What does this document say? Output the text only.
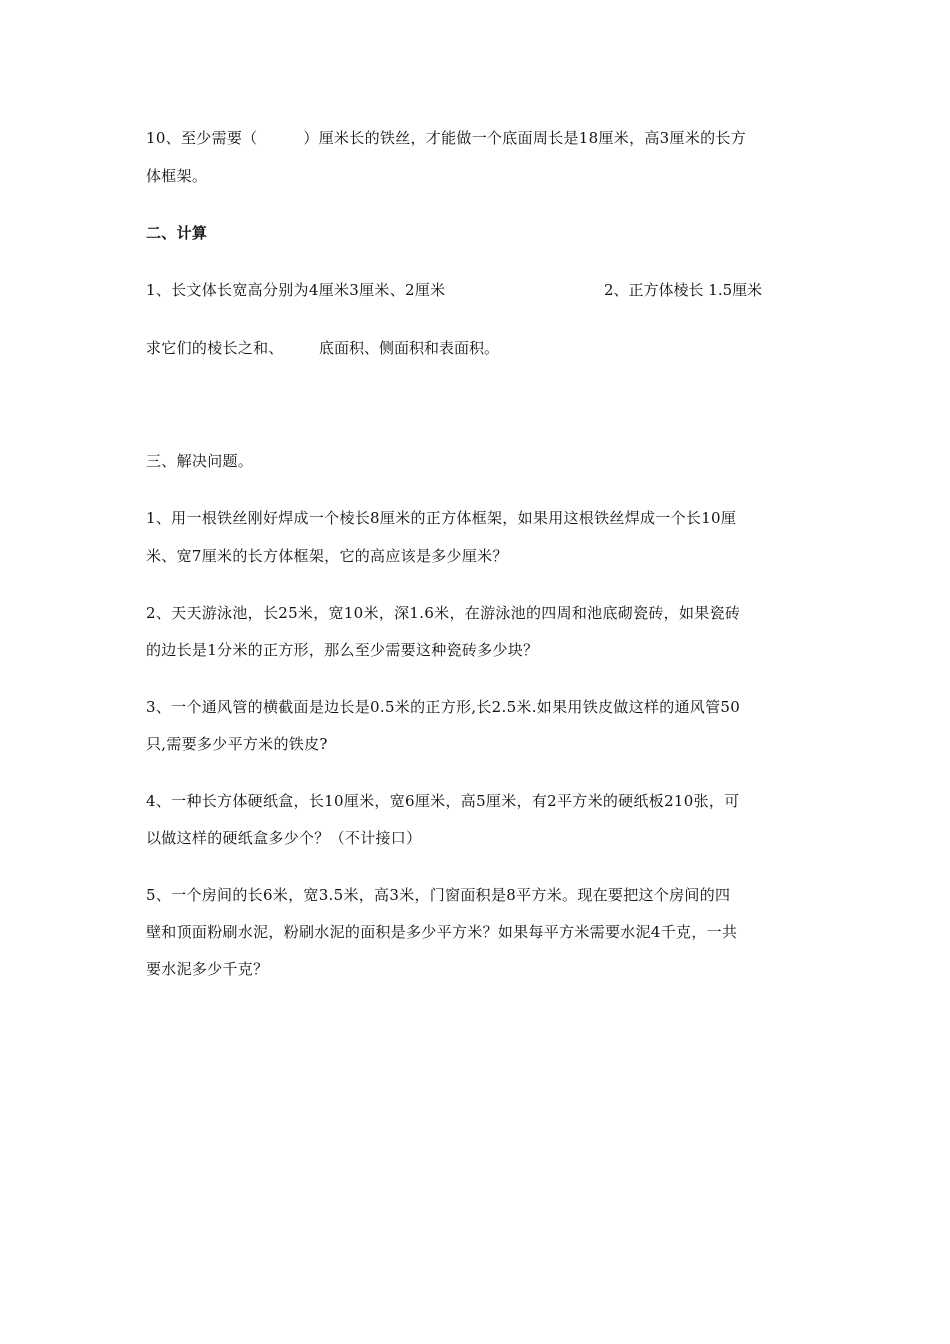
10、至少需要（　　　）厘米长的铁丝，才能做一个底面周长是18厘米，高3厘米的长方
体框架。
二、计算
1、长文体长宽高分别为4厘米3厘米、2厘米	2、正方体棱长 1.5厘米
求它们的棱长之和、 底面积、侧面积和表面积。
三、解决问题。
1、用一根铁丝刚好焊成一个棱长8厘米的正方体框架，如果用这根铁丝焊成一个长10厘
米、宽7厘米的长方体框架，它的高应该是多少厘米？
2、天天游泳池，长25米，宽10米，深1.6米，在游泳池的四周和池底砌瓷砖，如果瓷砖
的边长是1分米的正方形，那么至少需要这种瓷砖多少块？
3、一个通风管的横截面是边长是0.5米的正方形,长2.5米.如果用铁皮做这样的通风管50
只,需要多少平方米的铁皮?
4、一种长方体硬纸盒，长10厘米，宽6厘米，高5厘米，有2平方米的硬纸板210张，可
以做这样的硬纸盒多少个？（不计接口）
5、一个房间的长6米，宽3.5米，高3米，门窗面积是8平方米。现在要把这个房间的四
壁和顶面粉刷水泥，粉刷水泥的面积是多少平方米？如果每平方米需要水泥4千克，一共
要水泥多少千克？
